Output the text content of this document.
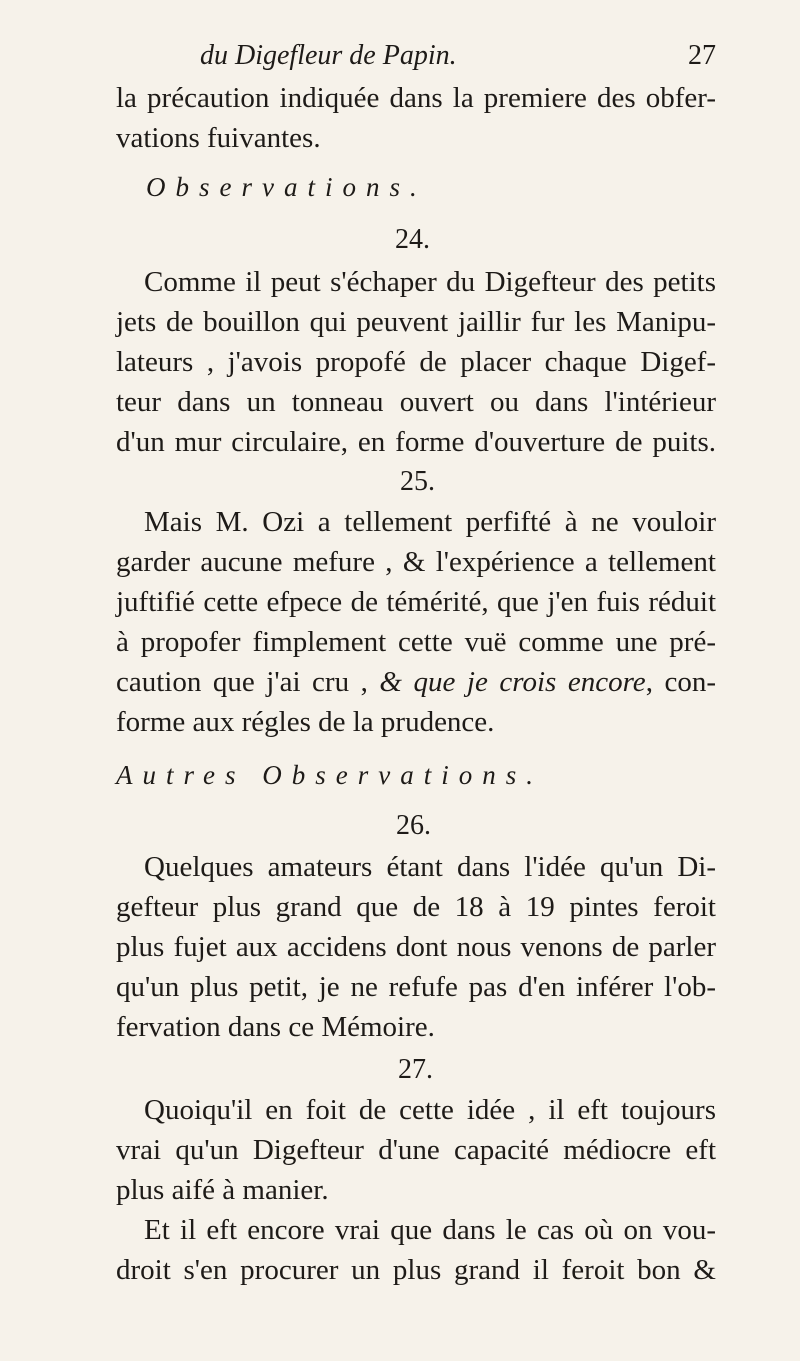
du Digefleur de Papin.	27
la précaution indiquée dans la premiere des obfer-
vations fuivantes.
Observations.
24.
Comme il peut s'échaper du Digefteur des petits
jets de bouillon qui peuvent jaillir fur les Manipu-
lateurs , j'avois propofé de placer chaque Digef-
teur dans un tonneau ouvert ou dans l'intérieur
d'un mur circulaire, en forme d'ouverture de puits.
25.
Mais M. Ozi a tellement perfifté à ne vouloir
garder aucune mefure , & l'expérience a tellement
juftifié cette efpece de témérité, que j'en fuis réduit
à propofer fimplement cette vuë comme une pré-
caution que j'ai cru , & que je crois encore, con-
forme aux régles de la prudence.
Autres Observations.
26.
Quelques amateurs étant dans l'idée qu'un Di-
gefteur plus grand que de 18 à 19 pintes feroit
plus fujet aux accidens dont nous venons de parler
qu'un plus petit, je ne refufe pas d'en inférer l'ob-
fervation dans ce Mémoire.
27.
Quoiqu'il en foit de cette idée , il eft toujours
vrai qu'un Digefteur d'une capacité médiocre eft
plus aifé à manier.
Et il eft encore vrai que dans le cas où on vou-
droit s'en procurer un plus grand il feroit bon &
